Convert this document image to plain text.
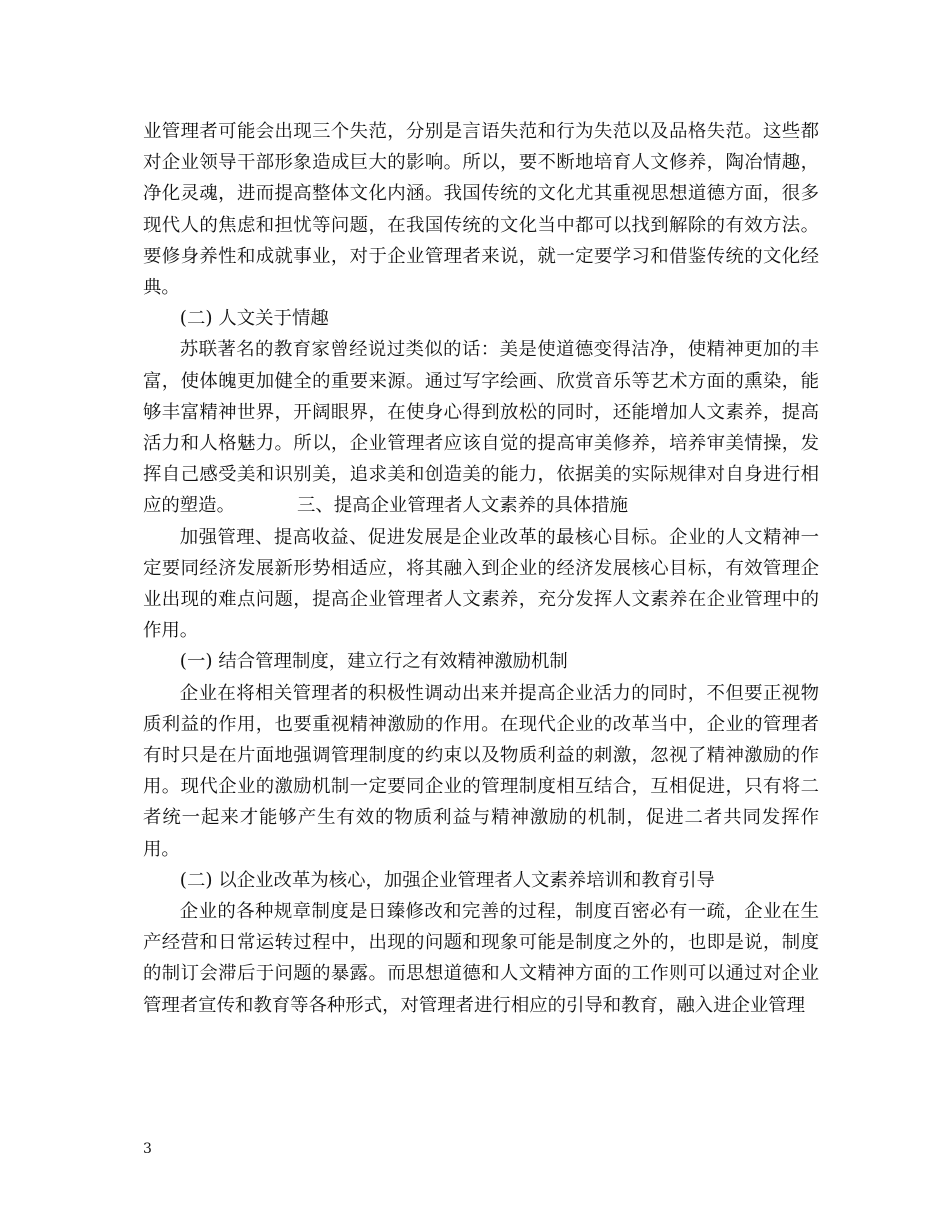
业管理者可能会出现三个失范，分别是言语失范和行为失范以及品格失范。这些都对企业领导干部形象造成巨大的影响。所以，要不断地培育人文修养，陶冶情趣，净化灵魂，进而提高整体文化内涵。我国传统的文化尤其重视思想道德方面，很多现代人的焦虑和担忧等问题，在我国传统的文化当中都可以找到解除的有效方法。要修身养性和成就事业，对于企业管理者来说，就一定要学习和借鉴传统的文化经典。

(二) 人文关于情趣

苏联著名的教育家曾经说过类似的话：美是使道德变得洁净，使精神更加的丰富，使体魄更加健全的重要来源。通过写字绘画、欣赏音乐等艺术方面的熏染，能够丰富精神世界，开阔眼界，在使身心得到放松的同时，还能增加人文素养，提高活力和人格魅力。所以，企业管理者应该自觉的提高审美修养，培养审美情操，发挥自己感受美和识别美，追求美和创造美的能力，依据美的实际规律对自身进行相应的塑造。	三、提高企业管理者人文素养的具体措施

加强管理、提高收益、促进发展是企业改革的最核心目标。企业的人文精神一定要同经济发展新形势相适应，将其融入到企业的经济发展核心目标，有效管理企业出现的难点问题，提高企业管理者人文素养，充分发挥人文素养在企业管理中的作用。

(一) 结合管理制度，建立行之有效精神激励机制

企业在将相关管理者的积极性调动出来并提高企业活力的同时，不但要正视物质利益的作用，也要重视精神激励的作用。在现代企业的改革当中，企业的管理者有时只是在片面地强调管理制度的约束以及物质利益的刺激，忽视了精神激励的作用。现代企业的激励机制一定要同企业的管理制度相互结合，互相促进，只有将二者统一起来才能够产生有效的物质利益与精神激励的机制，促进二者共同发挥作用。

(二) 以企业改革为核心，加强企业管理者人文素养培训和教育引导

企业的各种规章制度是日臻修改和完善的过程，制度百密必有一疏，企业在生产经营和日常运转过程中，出现的问题和现象可能是制度之外的，也即是说，制度的制订会滞后于问题的暴露。而思想道德和人文精神方面的工作则可以通过对企业管理者宣传和教育等各种形式，对管理者进行相应的引导和教育，融入进企业管理

3
